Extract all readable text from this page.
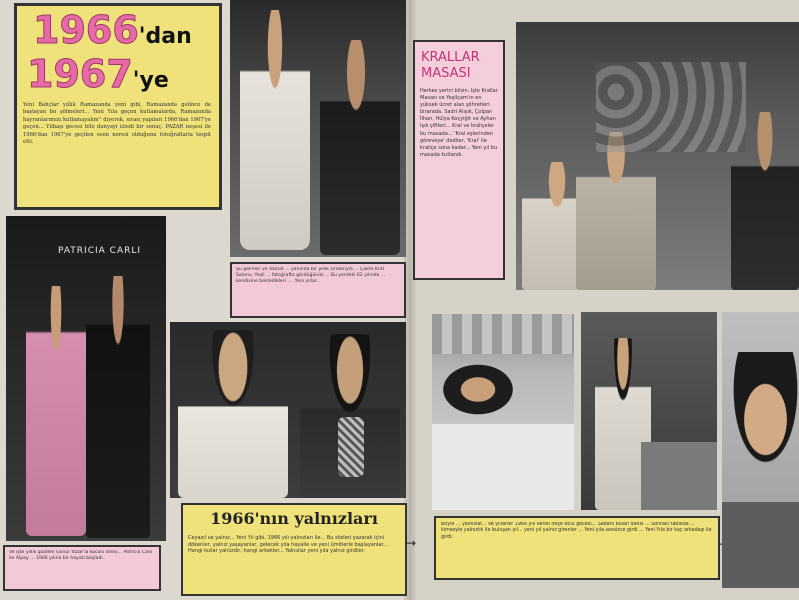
1966'dan
1967'ye
Yeni Bahçlar yıllık Ramazanda yeni gibi, Ramazanda gelince de başlayan bu şölmeleri... Yeni Yıla geçen kutlamalarda, Ramazanda hayranlarımızı kutlamayalım'' diyerek, sırası yapıları 1966'dan 1967'ye geçen... Yılbaşı gecesi bile dunyayi izledi bir sonuç. PAZAR neşesi ile 1966'dan 1967'ye geçilen esen neresi olduğunu fotoğraflarla tespit etti.
Şu gelinler ve damat ... yanında bir yıllık sıralarıyla ... Çokte Kraf Salonu, Yeşil ... fotoğrafta gördüğünüz ... Bu yerdeki 62 yılında ... kendisine bekledikleri .... Yeni yıllar..
KRALLAR
MASASI
Herkes yerini bilsin. İşte Krallar Masası ve Yeşilçam'ın en yüksek ücret alan şöhretleri birarada. Sadri Alışık, Çolpan İlhan, Hülya Koçyiğit ve Ayhan Işık çiftleri... Kral ve kraliçeler bu masada... 'Kral eşlerinden göreveye' dediler, 'Kral' ile kraliçe sona kadar... Yeni yıl bu masada kutlandı.
PATRICIA CARLI
Ve işte yıllık gözden Gönül Yazar'la kocası sitesi... Patricia Carli ile Alpay ... 1966 yılına bir hayatı başladı.
1966'nın yalnızları
Ceyazıl ve yalnız... Yeni Yıl gibi, 1966 yılı yalnızları ile... Bu sözleri yazarak içini dökenler, yalnız yaşayanlar, gelecek yıla hayalle ve yeni ümitlerle başlayanlar... Hangi kızlar yalnızdır, hangi erkekler... Yalnızlar yeni yıla yalnız girdiler.
→
Böyle ... yalnızlar... Ve yıllardır 1966 yılı kendi neşe dolu gecesi... Sabahı bulan dansı ... Sonraki tabloda ... kimseyle yalnızlık ile buluşan yıl... yeni yıl yalnız girenler ... Yeni yıla sessizce girdi ... Yeni Yıla bir kaç arkadaşı ile girdi.
